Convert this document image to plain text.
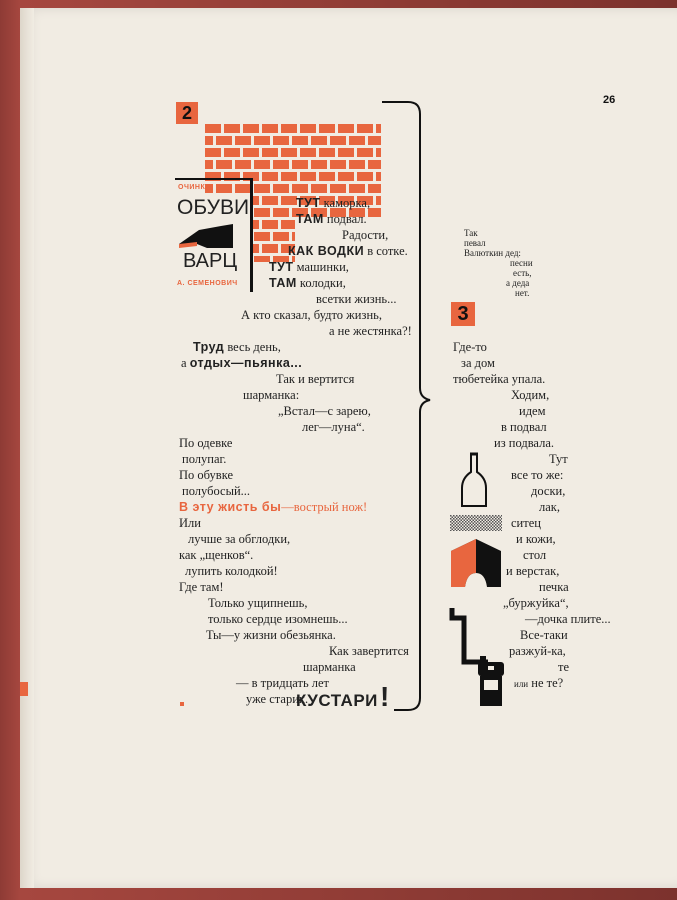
26
2
ОЧИНКА
ОБУВИ
ВАРЦ
А. СЕМЕНОВИЧ
ТУТ каморка,
ТАМ подвал.
Радости,
КАК ВОДКИ в сотке.
ТУТ машинки,
ТАМ колодки,
всетки жизнь...
А кто сказал, будто жизнь,
а не жестянка?!
Труд весь день,
а отдых—пьянка...
Так и вертится
шарманка:
„Встал—с зарею,
лег—луна“.
По одевке
полупаг.
По обувке
полубосый...
В эту жисть бы—вострый нож!
Или
лучше за обглодки,
как „щенков“.
лупить колодкой!
Где там!
Только ущипнешь,
только сердце изомнешь...
Ты—у жизни обезьянка.
Как завертится
шарманка
— в тридцать лет
уже старик.
КУСТАРИ !
Так
певал
Валюткин дед:
песни
есть,
а деда
нет.
3
Где-то
за дом
тюбетейка упала.
Ходим,
идем
в подвал
из подвала.
Тут
все то же:
доски,
лак,
ситец
и кожи,
стол
и верстак,
печка
„буржуйка“,
—дочка плите...
Все-таки
разжуй-ка,
те
или не те?
